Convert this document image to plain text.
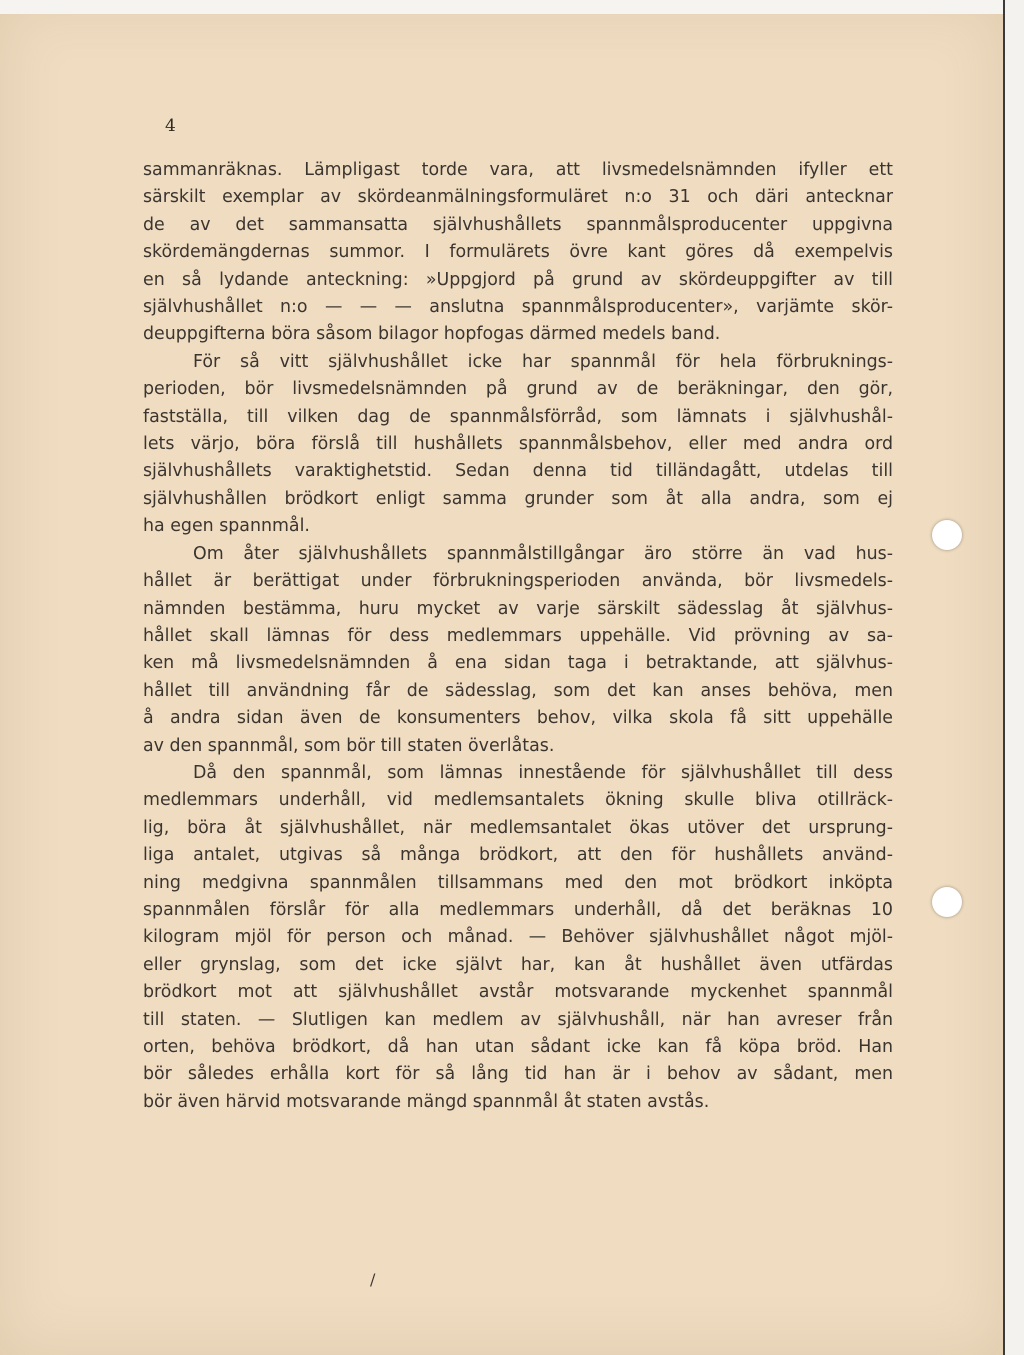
4
sammanräknas. Lämpligast torde vara, att livsmedelsnämnden ifyller ett
särskilt exemplar av skördeanmälningsformuläret n:o 31 och däri antecknar
de av det sammansatta självhushållets spannmålsproducenter uppgivna
skördemängdernas summor. I formulärets övre kant göres då exempelvis
en så lydande anteckning: »Uppgjord på grund av skördeuppgifter av till
självhushållet n:o — — — anslutna spannmålsproducenter», varjämte skör-
deuppgifterna böra såsom bilagor hopfogas därmed medels band.
För så vitt självhushållet icke har spannmål för hela förbruknings-
perioden, bör livsmedelsnämnden på grund av de beräkningar, den gör,
fastställa, till vilken dag de spannmålsförråd, som lämnats i självhushål-
lets värjo, böra förslå till hushållets spannmålsbehov, eller med andra ord
självhushållets varaktighetstid. Sedan denna tid tilländagått, utdelas till
självhushållen brödkort enligt samma grunder som åt alla andra, som ej
ha egen spannmål.
Om åter självhushållets spannmålstillgångar äro större än vad hus-
hållet är berättigat under förbrukningsperioden använda, bör livsmedels-
nämnden bestämma, huru mycket av varje särskilt sädesslag åt självhus-
hållet skall lämnas för dess medlemmars uppehälle. Vid prövning av sa-
ken må livsmedelsnämnden å ena sidan taga i betraktande, att självhus-
hållet till användning får de sädesslag, som det kan anses behöva, men
å andra sidan även de konsumenters behov, vilka skola få sitt uppehälle
av den spannmål, som bör till staten överlåtas.
Då den spannmål, som lämnas innestående för självhushållet till dess
medlemmars underhåll, vid medlemsantalets ökning skulle bliva otillräck-
lig, böra åt självhushållet, när medlemsantalet ökas utöver det ursprung-
liga antalet, utgivas så många brödkort, att den för hushållets använd-
ning medgivna spannmålen tillsammans med den mot brödkort inköpta
spannmålen förslår för alla medlemmars underhåll, då det beräknas 10
kilogram mjöl för person och månad. — Behöver självhushållet något mjöl-
eller grynslag, som det icke självt har, kan åt hushållet även utfärdas
brödkort mot att självhushållet avstår motsvarande myckenhet spannmål
till staten. — Slutligen kan medlem av självhushåll, när han avreser från
orten, behöva brödkort, då han utan sådant icke kan få köpa bröd. Han
bör således erhålla kort för så lång tid han är i behov av sådant, men
bör även härvid motsvarande mängd spannmål åt staten avstås.
/
